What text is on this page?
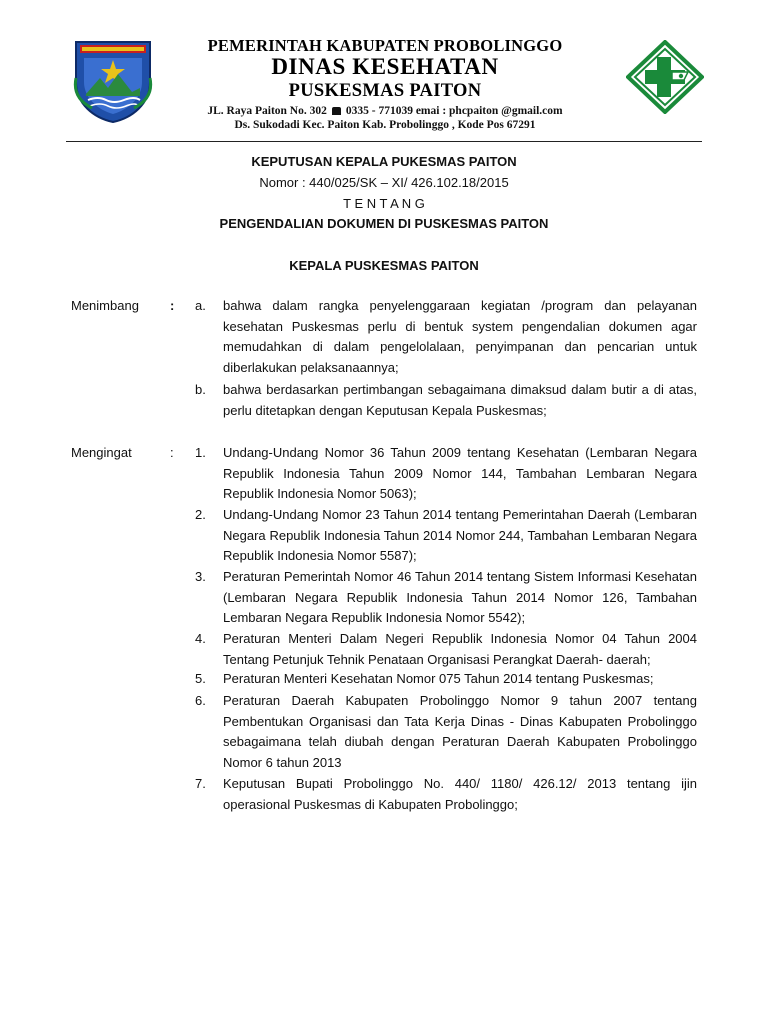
PEMERINTAH KABUPATEN PROBOLINGGO
DINAS KESEHATAN
PUSKESMAS PAITON
JL. Raya Paiton No. 302 0335 - 771039 emai : phcpaiton @gmail.com
Ds. Sukodadi Kec. Paiton Kab. Probolinggo , Kode Pos 67291
KEPUTUSAN KEPALA PUKESMAS PAITON
Nomor : 440/025/SK – XI/ 426.102.18/2015
T E N T A N G
PENGENDALIAN DOKUMEN DI PUSKESMAS PAITON
KEPALA PUSKESMAS PAITON
Menimbang : a. bahwa dalam rangka penyelenggaraan kegiatan /program dan pelayanan kesehatan Puskesmas perlu di bentuk system pengendalian dokumen agar memudahkan di dalam pengelolalaan, penyimpanan dan pencarian untuk diberlakukan pelaksanaannya;

b. bahwa berdasarkan pertimbangan sebagaimana dimaksud dalam butir a di atas, perlu ditetapkan dengan Keputusan Kepala Puskesmas;

Mengingat	: 1. Undang-Undang Nomor 36 Tahun 2009 tentang Kesehatan (Lembaran Negara Republik Indonesia Tahun 2009 Nomor 144, Tambahan Lembaran Negara Republik Indonesia Nomor 5063);

2. Undang-Undang Nomor 23 Tahun 2014 tentang Pemerintahan Daerah (Lembaran Negara Republik Indonesia Tahun 2014 Nomor 244, Tambahan Lembaran Negara Republik Indonesia Nomor 5587);

3. Peraturan Pemerintah Nomor 46 Tahun 2014 tentang Sistem Informasi Kesehatan (Lembaran Negara Republik Indonesia Tahun 2014 Nomor 126, Tambahan Lembaran Negara Republik Indonesia Nomor 5542);

4. Peraturan Menteri Dalam Negeri Republik Indonesia Nomor 04 Tahun 2004 Tentang Petunjuk Tehnik Penataan Organisasi Perangkat Daerah- daerah;

5. Peraturan Menteri Kesehatan Nomor 075 Tahun 2014 tentang Puskesmas;

6. Peraturan Daerah Kabupaten Probolinggo Nomor 9 tahun 2007 tentang Pembentukan Organisasi dan Tata Kerja Dinas - Dinas Kabupaten Probolinggo sebagaimana telah diubah dengan Peraturan Daerah Kabupaten Probolinggo Nomor 6 tahun 2013

7. Keputusan Bupati Probolinggo No. 440/ 1180/ 426.12/ 2013 tentang ijin operasional Puskesmas di Kabupaten Probolinggo;
